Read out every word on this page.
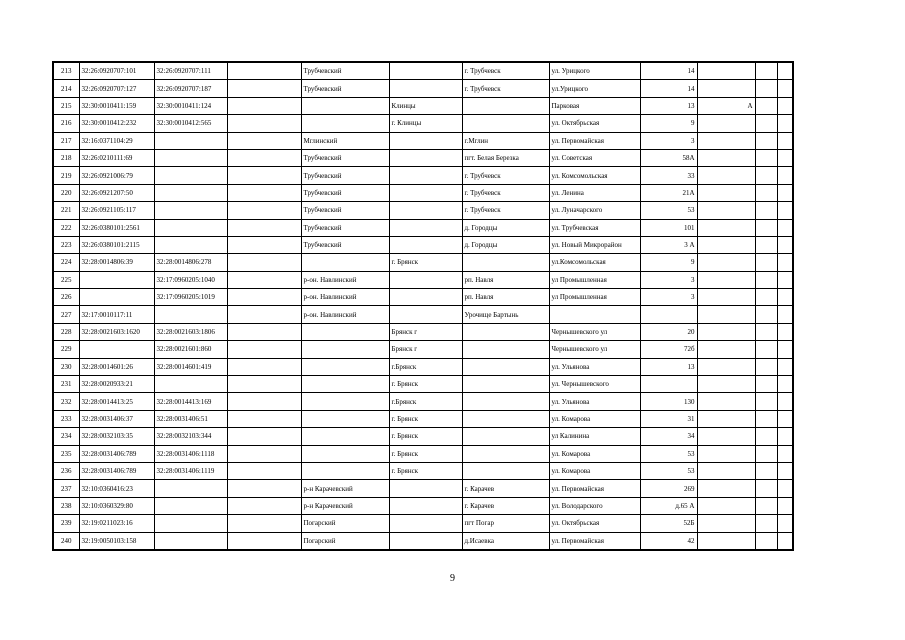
213	32:26:0920707:101	32:26:0920707:111		Трубчевский		г. Трубчевск	ул. Урицкого	14			
214	32:26:0920707:127	32:26:0920707:187		Трубчевский		г. Трубчевск	ул.Урицкого	14			
215	32:30:0010411:159	32:30:0010411:124			Клинцы		Парковая	13	А		
216	32:30:0010412:232	32:30:0010412:565			г. Клинцы		ул. Октябрьская	9			
217	32:16:0371104:29			Мглинский		г.Мглин	ул. Первомайская	3			
218	32:26:0210111:69			Трубчевский		пгт. Белая Березка	ул. Советская	58А			
219	32:26:0921006:79			Трубчевский		г. Трубчевск	ул. Комсомольская	33			
220	32:26:0921207:50			Трубчевский		г. Трубчевск	ул. Ленина	21А			
221	32:26:0921105:117			Трубчевский		г. Трубчевск	ул. Луначарского	53			
222	32:26:0380101:2561			Трубчевский		д. Городцы	ул. Трубчевская	101			
223	32:26:0380101:2115			Трубчевский		д. Городцы	ул. Новый Микрорайон	3 А			
224	32:28:0014806:39	32:28:0014806:278			г. Брянск		ул.Комсомольская	9			
225		32:17:0960205:1040		р-он. Навлинский		рп. Навля	ул Промышленная	3			
226		32:17:0960205:1019		р-он. Навлинский		рп. Навля	ул Промышленная	3			
227	32:17:0010117:11			р-он. Навлинский		Урочище Бартынь					
228	32:28:0021603:1620	32:28:0021603:1806			Брянск г		Чернышевского ул	20			
229		32:28:0021601:860			Брянск г		Чернышевского ул	72б			
230	32:28:0014601:26	32:28:0014601:419			г.Брянск		ул. Ульянова	13			
231	32:28:0020933:21				г. Брянск		ул. Чернышевского				
232	32:28:0014413:25	32:28:0014413:169			г.Брянск		ул. Ульянова	130			
233	32:28:0031406:37	32:28:0031406:51			г. Брянск		ул. Комарова	31			
234	32:28:0032103:35	32:28:0032103:344			г. Брянск		ул Калинина	34			
235	32:28:0031406:789	32:28:0031406:1118			г. Брянск		ул. Комарова	53			
236	32:28:0031406:789	32:28:0031406:1119			г. Брянск		ул. Комарова	53			
237	32:10:0360416:23			р-н Карачевский		г. Карачев	ул. Первомайская	269			
238	32:10:0360329:80			р-н Карачевский		г. Карачев	ул. Володарского	д.65 А			
239	32:19:0211023:16			Погарский		пгт Погар	ул. Октябрьская	52Б			
240	32:19:0050103:158			Погарский		д.Исаевка	ул. Первомайская	42			
9
